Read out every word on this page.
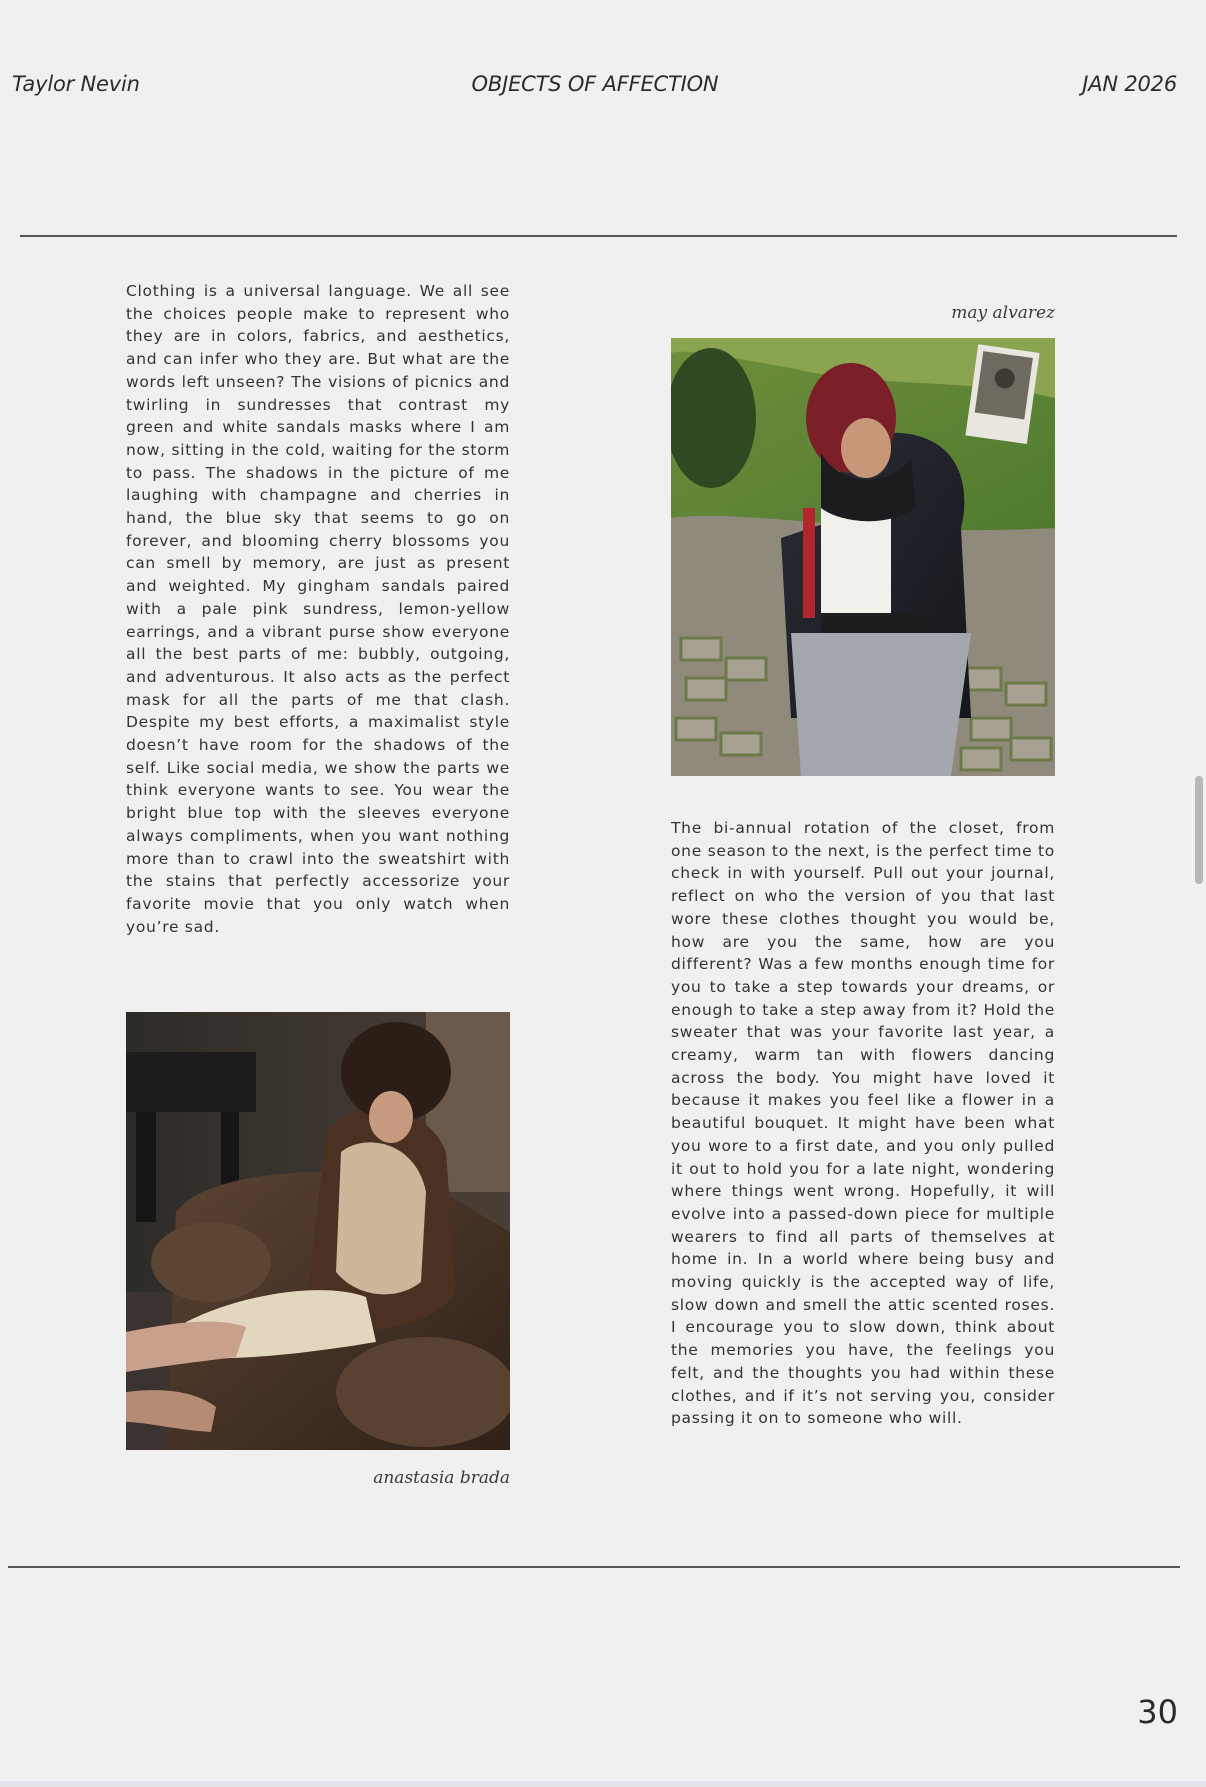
Taylor Nevin	OBJECTS OF AFFECTION	JAN 2026
Clothing is a universal language. We all see the choices people make to represent who they are in colors, fabrics, and aesthetics, and can infer who they are. But what are the words left unseen? The visions of picnics and twirling in sundresses that contrast my green and white sandals masks where I am now, sitting in the cold, waiting for the storm to pass. The shadows in the picture of me laughing with champagne and cherries in hand, the blue sky that seems to go on forever, and blooming cherry blossoms you can smell by memory, are just as present and weighted. My gingham sandals paired with a pale pink sundress, lemon-yellow earrings, and a vibrant purse show everyone all the best parts of me: bubbly, outgoing, and adventurous. It also acts as the perfect mask for all the parts of me that clash. Despite my best efforts, a maximalist style doesn’t have room for the shadows of the self. Like social media, we show the parts we think everyone wants to see. You wear the bright blue top with the sleeves everyone always compliments, when you want nothing more than to crawl into the sweatshirt with the stains that perfectly accessorize your favorite movie that you only watch when you’re sad.
may alvarez
The bi-annual rotation of the closet, from one season to the next, is the perfect time to check in with yourself. Pull out your journal, reflect on who the version of you that last wore these clothes thought you would be, how are you the same, how are you different? Was a few months enough time for you to take a step towards your dreams, or enough to take a step away from it? Hold the sweater that was your favorite last year, a creamy, warm tan with flowers dancing across the body. You might have loved it because it makes you feel like a flower in a beautiful bouquet. It might have been what you wore to a first date, and you only pulled it out to hold you for a late night, wondering where things went wrong. Hopefully, it will evolve into a passed-down piece for multiple wearers to find all parts of themselves at home in. In a world where being busy and moving quickly is the accepted way of life, slow down and smell the attic scented roses. I encourage you to slow down, think about the memories you have, the feelings you felt, and the thoughts you had within these clothes, and if it’s not serving you, consider passing it on to someone who will.
anastasia brada
30
